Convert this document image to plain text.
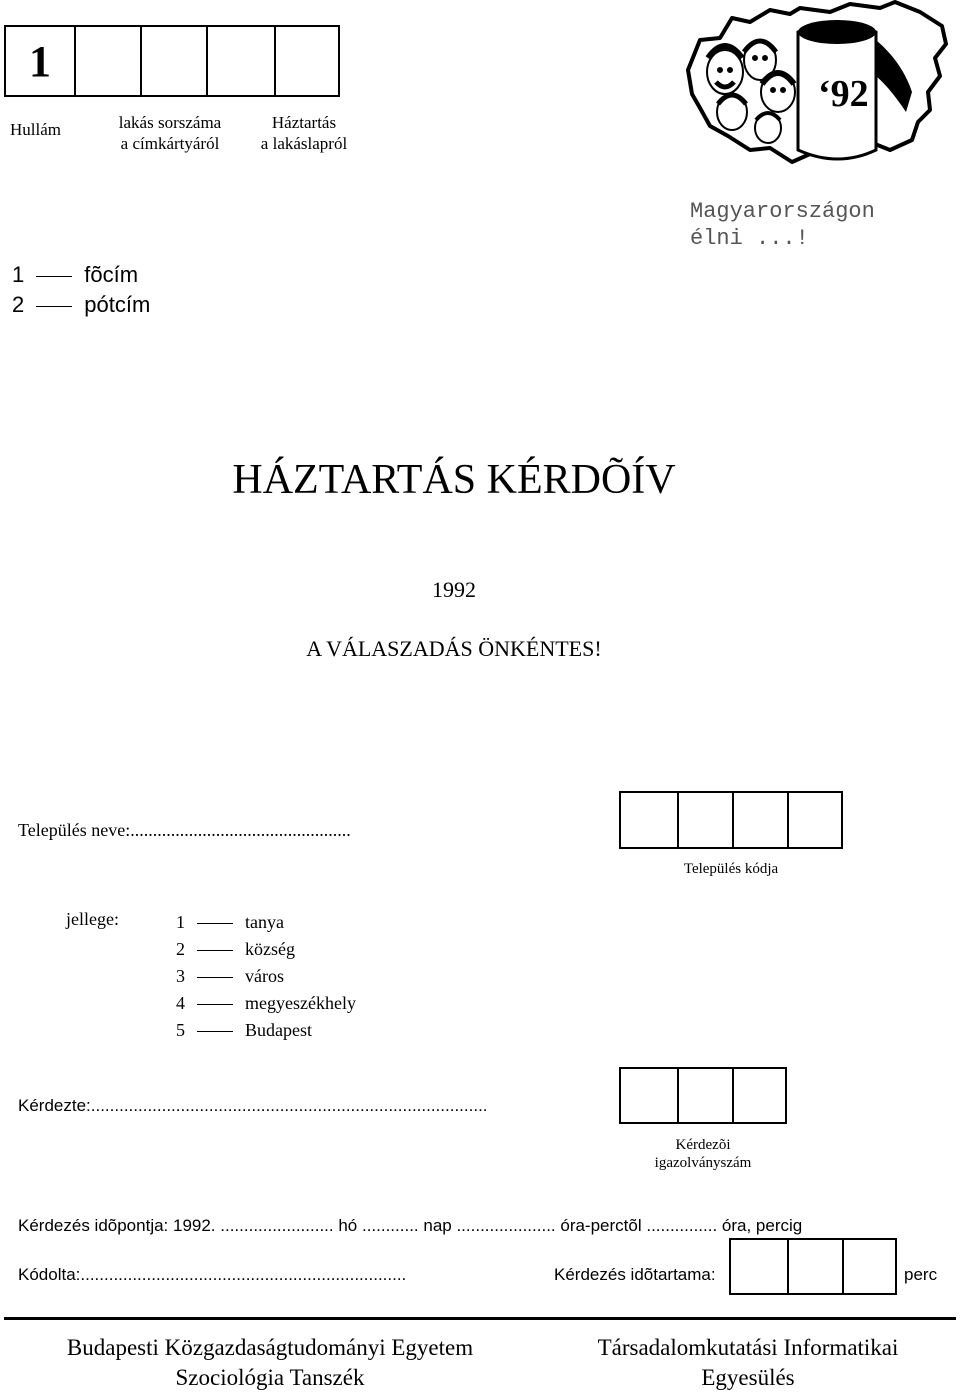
1
Hullám	lakás sorszáma
a címkártyáról
Háztartás
a lakáslapról
1	fõcím
2	pótcím
‘92
Magyarországon
élni ...!
HÁZTARTÁS KÉRDÕÍV
1992
A VÁLASZADÁS ÖNKÉNTES!
Település neve:.................................................
Település kódja
jellege:	1	tanya
2	község
3	város
4	megyeszékhely
5	Budapest
Kérdezte:....................................................................................
Kérdezõi
igazolványszám
Kérdezés idõpontja: 1992. ........................ hó ............ nap ..................... óra-perctõl ............... óra, percig
Kódolta:.....................................................................	Kérdezés idõtartama:	perc
Budapesti Közgazdaságtudományi Egyetem
Szociológia Tanszék
Társadalomkutatási Informatikai
Egyesülés
